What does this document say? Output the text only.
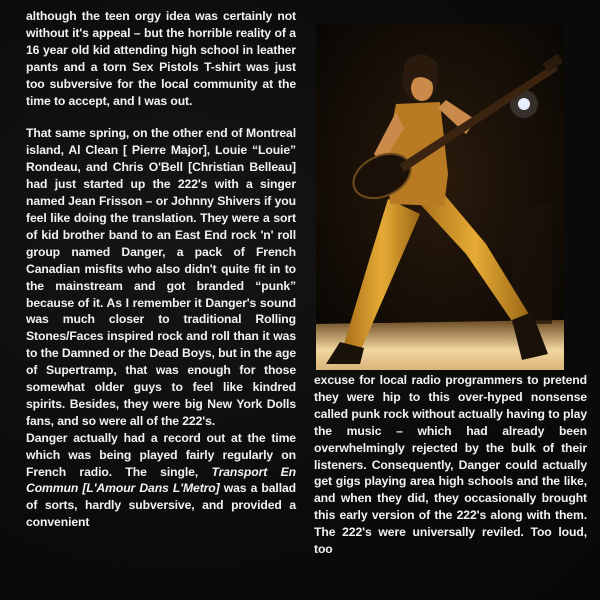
although the teen orgy idea was certainly not without it's appeal – but the horrible reality of a 16 year old kid attending high school in leather pants and a torn Sex Pistols T-shirt was just too subversive for the local community at the time to accept, and I was out.

That same spring, on the other end of Montreal island, Al Clean [ Pierre Major], Louie “Louie” Rondeau, and Chris O'Bell [Christian Belleau] had just started up the 222's with a singer named Jean Frisson – or Johnny Shivers if you feel like doing the translation. They were a sort of kid brother band to an East End rock 'n' roll group named Danger, a pack of French Canadian misfits who also didn't quite fit in to the mainstream and got branded “punk” because of it. As I remember it Danger's sound was much closer to traditional Rolling Stones/Faces inspired rock and roll than it was to the Damned or the Dead Boys, but in the age of Supertramp, that was enough for those somewhat older guys to feel like kindred spirits. Besides, they were big New York Dolls fans, and so were all of the 222's.

Danger actually had a record out at the time which was being played fairly regularly on French radio. The single, Transport En Commun [L'Amour Dans L'Metro] was a ballad of sorts, hardly subversive, and provided a convenient

excuse for local radio programmers to pretend they were hip to this over-hyped nonsense called punk rock without actually having to play the music – which had already been overwhelmingly rejected by the bulk of their listeners. Consequently, Danger could actually get gigs playing area high schools and the like, and when they did, they occasionally brought this early version of the 222's along with them. The 222's were universally reviled. Too loud, too
